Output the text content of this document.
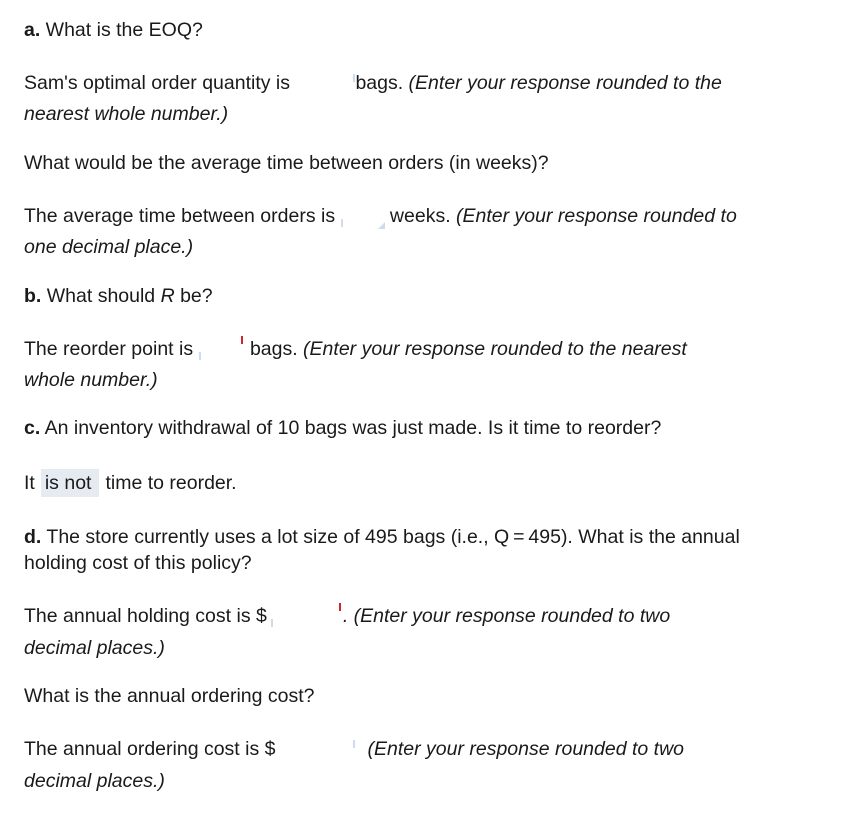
a. What is the EOQ?
Sam's optimal order quantity is	bags. (Enter your response rounded to the
nearest whole number.)
What would be the average time between orders (in weeks)?
The average time between orders is	weeks. (Enter your response rounded to
one decimal place.)
b. What should R be?
The reorder point is	bags. (Enter your response rounded to the nearest
whole number.)
c. An inventory withdrawal of 10 bags was just made. Is it time to reorder?
It is not time to reorder.
d. The store currently uses a lot size of 495 bags (i.e., Q = 495). What is the annual
holding cost of this policy?
The annual holding cost is $	. (Enter your response rounded to two
decimal places.)
What is the annual ordering cost?
The annual ordering cost is $	(Enter your response rounded to two
decimal places.)
